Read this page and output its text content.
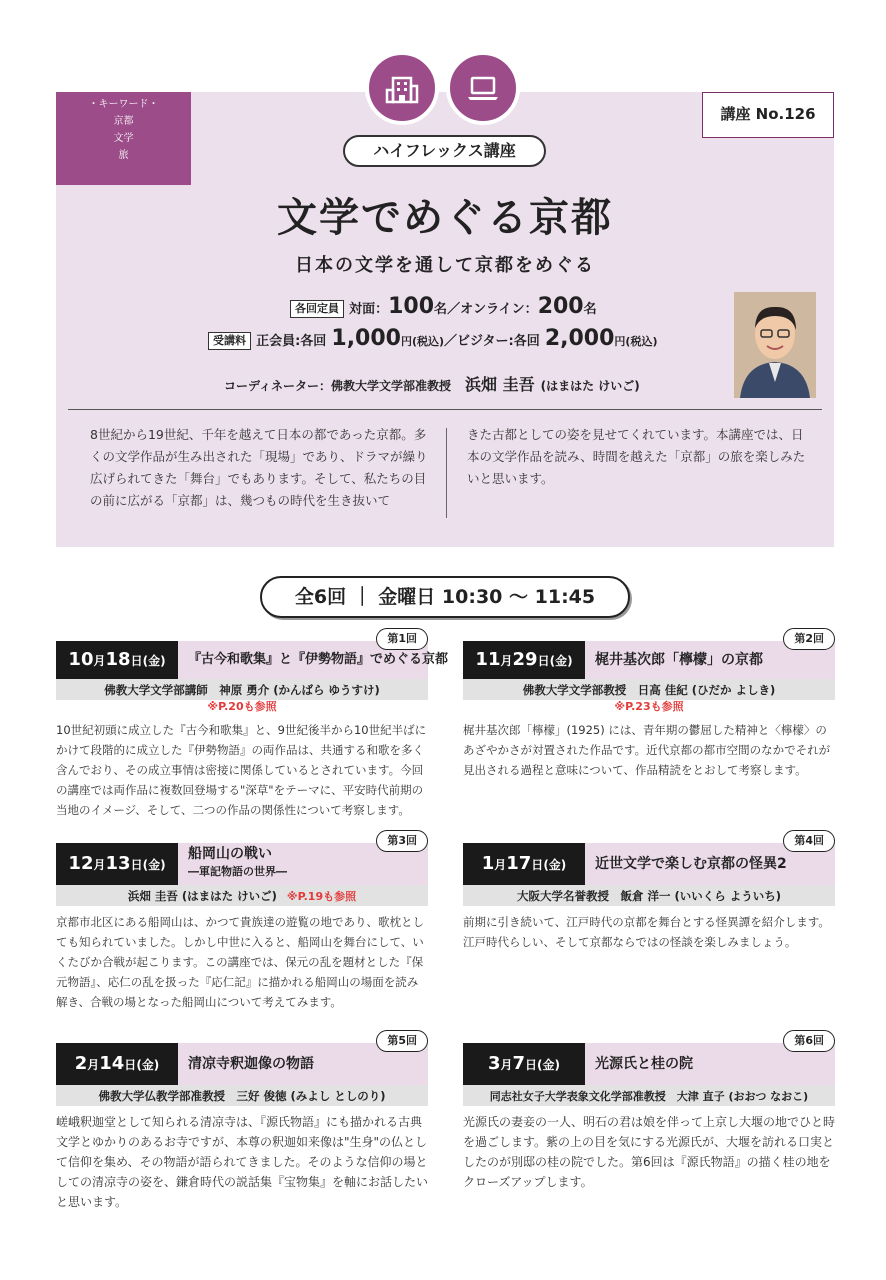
・キーワード・
京都
文学
旅
講座 No.126
ハイフレックス講座
文学でめぐる京都
日本の文学を通して京都をめぐる
各回定員 対面：100名／オンライン：200名
受講料 正会員:各回 1,000円(税込)／ビジター:各回 2,000円(税込)
コーディネーター：佛教大学文学部准教授 浜畑 圭吾 (はまはた けいご)
8世紀から19世紀、千年を越えて日本の都であった京都。多くの文学作品が生み出された「現場」であり、ドラマが繰り広げられてきた「舞台」でもあります。そして、私たちの目の前に広がる「京都」は、幾つもの時代を生き抜いて
きた古都としての姿を見せてくれています。本講座では、日本の文学作品を読み、時間を越えた「京都」の旅を楽しみたいと思います。
全6回 ｜ 金曜日 10:30 ～ 11:45
10月18日(金)	『古今和歌集』と『伊勢物語』でめぐる京都
第1回
佛教大学文学部講師　神原 勇介 (かんばら ゆうすけ)
※P.20も参照
10世紀初頭に成立した『古今和歌集』と、9世紀後半から10世紀半ばにかけて段階的に成立した『伊勢物語』の両作品は、共通する和歌を多く含んでおり、その成立事情は密接に関係しているとされています。今回の講座では両作品に複数回登場する"深草"をテーマに、平安時代前期の当地のイメージ、そして、二つの作品の関係性について考察します。
11月29日(金)	梶井基次郎「檸檬」の京都
第2回
佛教大学文学部教授　日高 佳紀 (ひだか よしき)
※P.23も参照
梶井基次郎「檸檬」(1925) には、青年期の鬱屈した精神と〈檸檬〉のあざやかさが対置された作品です。近代京都の都市空間のなかでそれが見出される過程と意味について、作品精読をとおして考察します。
12月13日(金)
船岡山の戦い
―軍記物語の世界―
第3回
浜畑 圭吾 (はまはた けいご) ※P.19も参照
京都市北区にある船岡山は、かつて貴族達の遊覧の地であり、歌枕としても知られていました。しかし中世に入ると、船岡山を舞台にして、いくたびか合戦が起こります。この講座では、保元の乱を題材とした『保元物語』、応仁の乱を扱った『応仁記』に描かれる船岡山の場面を読み解き、合戦の場となった船岡山について考えてみます。
1月17日(金)	近世文学で楽しむ京都の怪異2
第4回
大阪大学名誉教授　飯倉 洋一 (いいくら よういち)
前期に引き続いて、江戸時代の京都を舞台とする怪異譚を紹介します。江戸時代らしい、そして京都ならではの怪談を楽しみましょう。
2月14日(金)	清凉寺釈迦像の物語
第5回
佛教大学仏教学部准教授　三好 俊徳 (みよし としのり)
嵯峨釈迦堂として知られる清凉寺は、『源氏物語』にも描かれる古典文学とゆかりのあるお寺ですが、本尊の釈迦如来像は"生身"の仏として信仰を集め、その物語が語られてきました。そのような信仰の場としての清凉寺の姿を、鎌倉時代の説話集『宝物集』を軸にお話したいと思います。
3月7日(金)	光源氏と桂の院
第6回
同志社女子大学表象文化学部准教授　大津 直子 (おおつ なおこ)
光源氏の妻妾の一人、明石の君は娘を伴って上京し大堰の地でひと時を過ごします。紫の上の目を気にする光源氏が、大堰を訪れる口実としたのが別邸の桂の院でした。第6回は『源氏物語』の描く桂の地をクローズアップします。
